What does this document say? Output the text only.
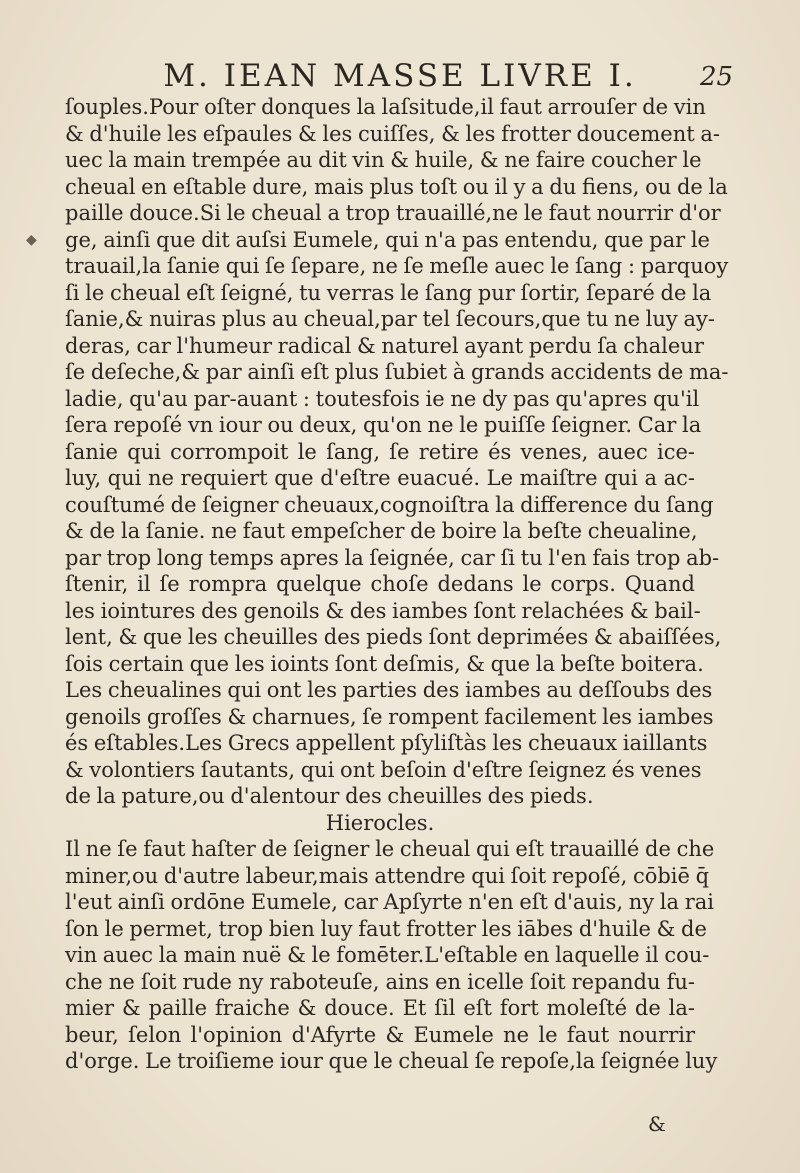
M. IEAN MASSE LIVRE I.	25
ſouples.Pour oſter donques la laſsitude,il faut arrouſer de vin
& d'huile les eſpaules & les cuiſſes, & les frotter doucement a-
uec la main trempée au dit vin & huile, & ne faire coucher le
cheual en eſtable dure, mais plus toſt ou il y a du fiens, ou de la
paille douce.Si le cheual a trop trauaillé,ne le faut nourrir d'or
ge, ainſi que dit auſsi Eumele, qui n'a pas entendu, que par le
trauail,la ſanie qui ſe ſepare, ne ſe meſle auec le ſang : parquoy
ſi le cheual eſt ſeigné, tu verras le ſang pur ſortir, ſeparé de la
ſanie,& nuiras plus au cheual,par tel ſecours,que tu ne luy ay-
deras, car l'humeur radical & naturel ayant perdu ſa chaleur
ſe deſeche,& par ainſi eſt plus ſubiet à grands accidents de ma-
ladie, qu'au par-auant : toutesfois ie ne dy pas qu'apres qu'il
ſera repoſé vn iour ou deux, qu'on ne le puiſſe ſeigner. Car la
ſanie qui corrompoit le ſang, ſe retire és venes, auec ice-
luy, qui ne requiert que d'eſtre euacué. Le maiſtre qui a ac-
couſtumé de ſeigner cheuaux,cognoiſtra la difference du ſang
& de la ſanie. ne faut empeſcher de boire la beſte cheualine,
par trop long temps apres la ſeignée, car ſi tu l'en fais trop ab-
ſtenir, il ſe rompra quelque choſe dedans le corps. Quand
les iointures des genoils & des iambes ſont relachées & bail-
lent, & que les cheuilles des pieds ſont deprimées & abaiſſées,
ſois certain que les ioints ſont deſmis, & que la beſte boitera.
Les cheualines qui ont les parties des iambes au deſſoubs des
genoils groſſes & charnues, ſe rompent facilement les iambes
és eſtables.Les Grecs appellent pſyliſtàs les cheuaux iaillants
& volontiers ſautants, qui ont beſoin d'eſtre ſeignez és venes
de la pature,ou d'alentour des cheuilles des pieds.
Hierocles.
Il ne ſe faut haſter de ſeigner le cheual qui eſt trauaillé de che
miner,ou d'autre labeur,mais attendre qui ſoit repoſé, cōbiē q̄
l'eut ainſi ordōne Eumele, car Apſyrte n'en eſt d'auis, ny la rai
ſon le permet, trop bien luy faut frotter les iābes d'huile & de
vin auec la main nuë & le fomēter.L'eſtable en laquelle il cou-
che ne ſoit rude ny raboteuſe, ains en icelle ſoit repandu fu-
mier & paille fraiche & douce. Et ſil eſt fort moleſté de la-
beur, ſelon l'opinion d'Afyrte & Eumele ne le faut nourrir
d'orge. Le troiſieme iour que le cheual ſe repoſe,la ſeignée luy
&
◆
